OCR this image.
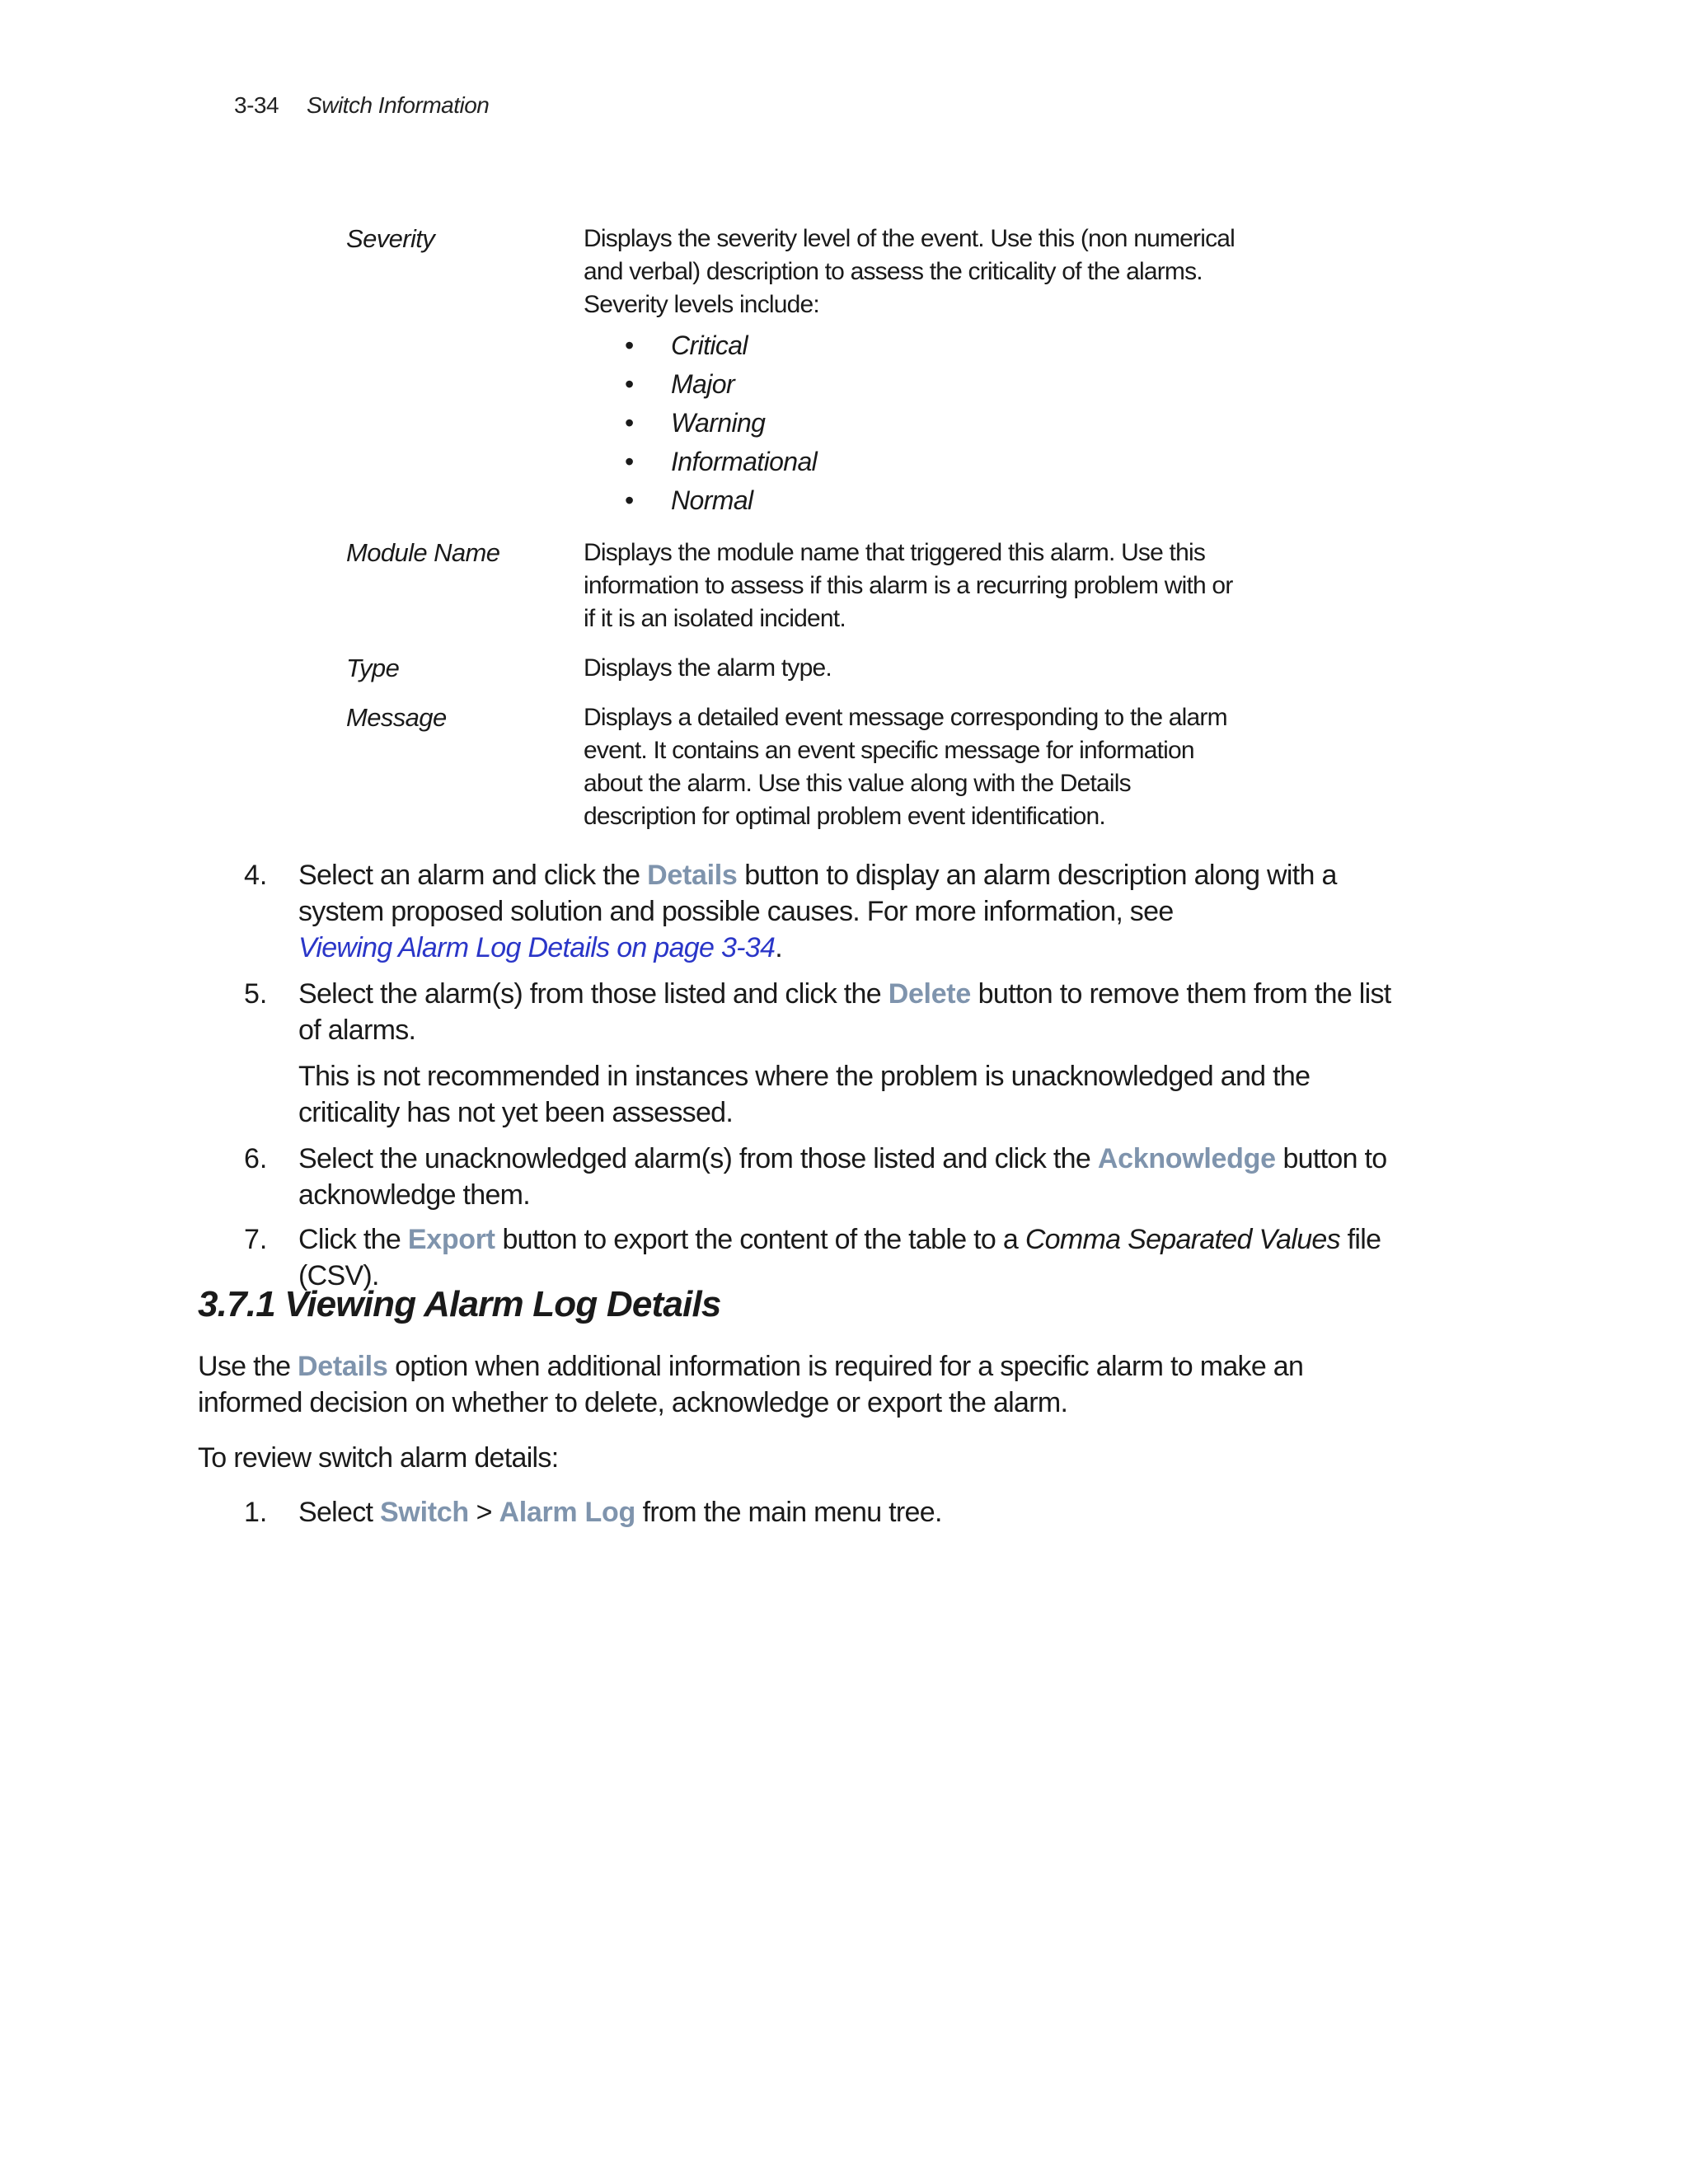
3-34 Switch Information
Severity	Displays the severity level of the event. Use this (non numerical and verbal) description to assess the criticality of the alarms. Severity levels include:
• Critical
• Major
• Warning
• Informational
• Normal
Module Name	Displays the module name that triggered this alarm. Use this information to assess if this alarm is a recurring problem with or if it is an isolated incident.
Type	Displays the alarm type.
Message	Displays a detailed event message corresponding to the alarm event. It contains an event specific message for information about the alarm. Use this value along with the Details description for optimal problem event identification.
4. Select an alarm and click the Details button to display an alarm description along with a system proposed solution and possible causes. For more information, see
Viewing Alarm Log Details on page 3-34.
5. Select the alarm(s) from those listed and click the Delete button to remove them from the list of alarms.
This is not recommended in instances where the problem is unacknowledged and the criticality has not yet been assessed.
6. Select the unacknowledged alarm(s) from those listed and click the Acknowledge button to acknowledge them.
7. Click the Export button to export the content of the table to a Comma Separated Values file (CSV).
3.7.1 Viewing Alarm Log Details

Use the Details option when additional information is required for a specific alarm to make an informed decision on whether to delete, acknowledge or export the alarm.

To review switch alarm details:

1. Select Switch > Alarm Log from the main menu tree.
